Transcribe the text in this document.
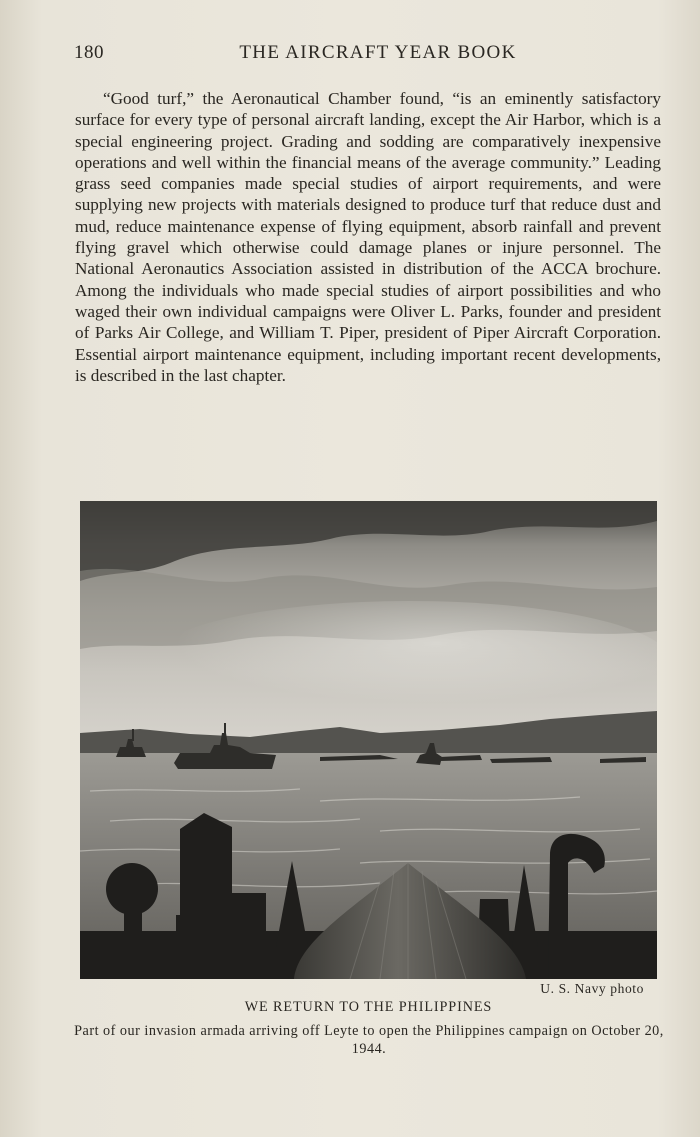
180	THE AIRCRAFT YEAR BOOK

“Good turf,” the Aeronautical Chamber found, “is an eminently satisfactory surface for every type of personal aircraft landing, except the Air Harbor, which is a special engineering project. Grading and sodding are comparatively inexpensive operations and well within the financial means of the average community.” Leading grass seed companies made special studies of airport requirements, and were supplying new projects with materials designed to produce turf that reduce dust and mud, reduce maintenance expense of flying equipment, absorb rainfall and prevent flying gravel which otherwise could damage planes or injure personnel. The National Aeronautics Association assisted in distribution of the ACCA brochure. Among the individuals who made special studies of airport possibilities and who waged their own individual campaigns were Oliver L. Parks, founder and president of Parks Air College, and William T. Piper, president of Piper Aircraft Corporation. Essential airport maintenance equipment, including important recent developments, is described in the last chapter.

U. S. Navy photo
WE RETURN TO THE PHILIPPINES
Part of our invasion armada arriving off Leyte to open the Philippines campaign on October 20, 1944.
